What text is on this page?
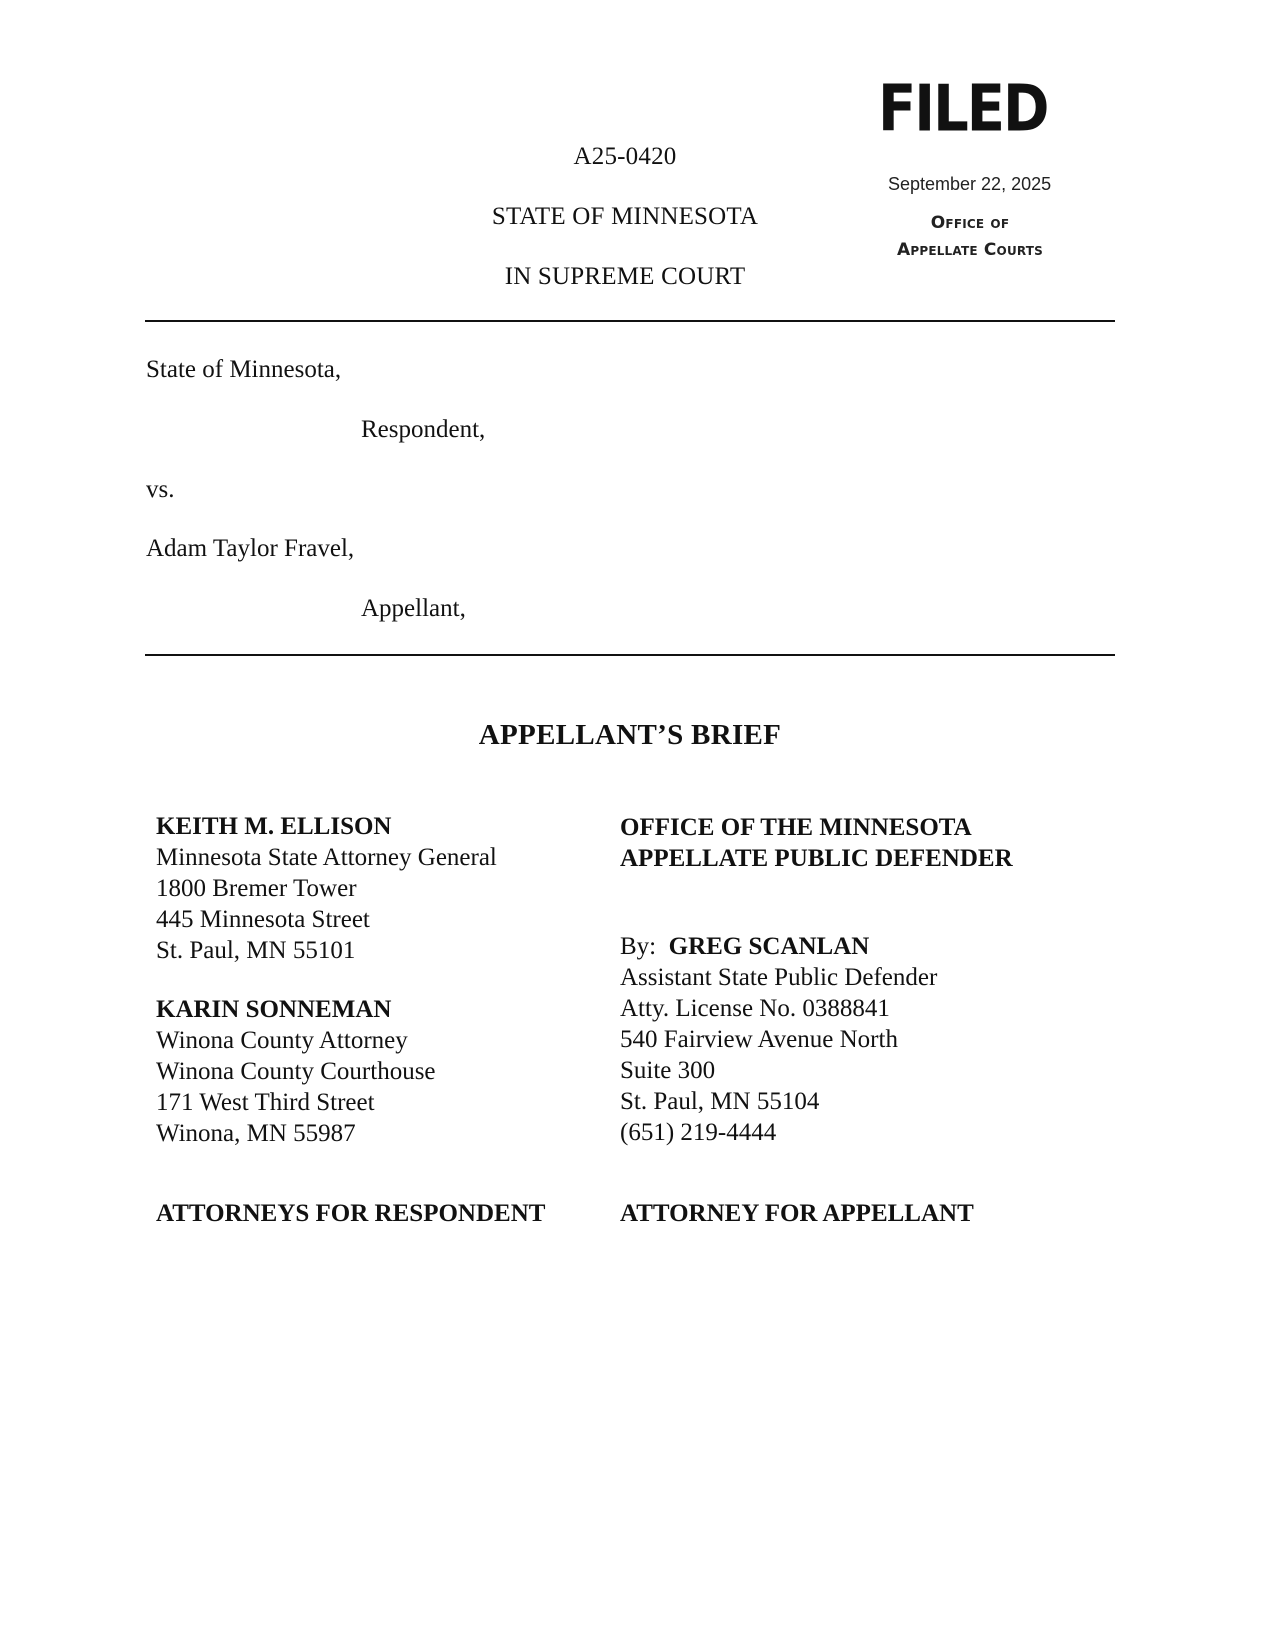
FILED
September 22, 2025
Office of
Appellate Courts
A25-0420
STATE OF MINNESOTA
IN SUPREME COURT
State of Minnesota,
Respondent,
vs.
Adam Taylor Fravel,
Appellant,
APPELLANT’S BRIEF
KEITH M. ELLISON
Minnesota State Attorney General
1800 Bremer Tower
445 Minnesota Street
St. Paul, MN 55101
KARIN SONNEMAN
Winona County Attorney
Winona County Courthouse
171 West Third Street
Winona, MN 55987
ATTORNEYS FOR RESPONDENT
OFFICE OF THE MINNESOTA
APPELLATE PUBLIC DEFENDER
By: GREG SCANLAN
Assistant State Public Defender
Atty. License No. 0388841
540 Fairview Avenue North
Suite 300
St. Paul, MN 55104
(651) 219-4444
ATTORNEY FOR APPELLANT
